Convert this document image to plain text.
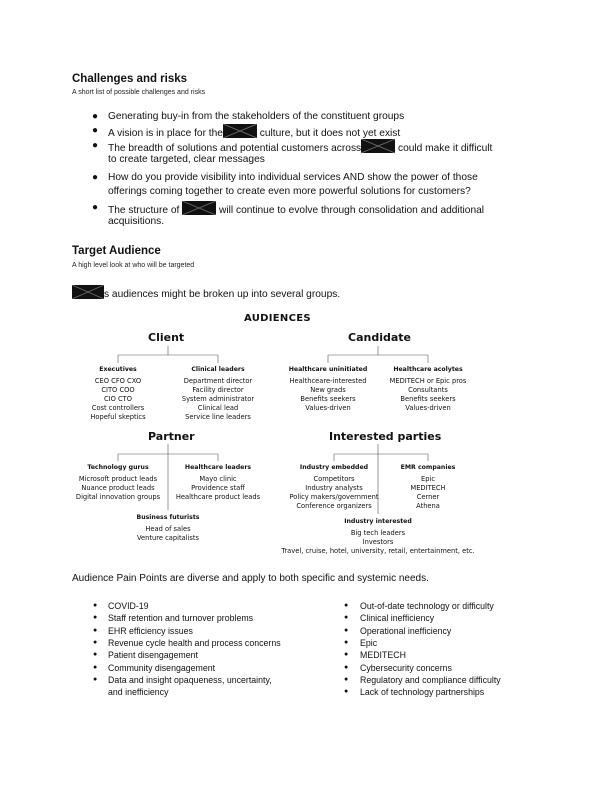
Challenges and risks
A short list of possible challenges and risks
● Generating buy-in from the stakeholders of the constituent groups
● A vision is in place for the	culture, but it does not yet exist
● The breadth of solutions and potential customers across	could make it difficult
to create targeted, clear messages
● How do you provide visibility into individual services AND show the power of those
offerings coming together to create even more powerful solutions for customers?
● The structure of	will continue to evolve through consolidation and additional
acquisitions.
Target Audience
A high level look at who will be targeted
s audiences might be broken up into several groups.
AUDIENCES
Client	Candidate
Executives
CEO CFO CXO
CITO COO
CIO CTO
Cost controllers
Hopeful skeptics
Clinical leaders
Department director
Facility director
System administrator
Clinical lead
Service line leaders
Healthcare uninitiated
Healthceare-interested
New grads
Benefits seekers
Values-driven
Healthcare acolytes
MEDITECH or Epic pros
Consultants
Benefits seekers
Values-driven
Partner	Interested parties
Technology gurus
Microsoft product leads
Nuance product leads
Digital innovation groups
Healthcare leaders
Mayo clinic
Providence staff
Healthcare product leads
Business futurists
Head of sales
Venture capitalists
Industry embedded
Competitors
Industry analysts
Policy makers/government
Conference organizers
EMR companies
Epic
MEDITECH
Cerner
Athena
Industry interested
Big tech leaders
Investors
Travel, cruise, hotel, university, retail, entertainment, etc.
Audience Pain Points are diverse and apply to both specific and systemic needs.
● COVID-19
● Staff retention and turnover problems
● EHR efficiency issues
● Revenue cycle health and process concerns
● Patient disengagement
● Community disengagement
● Data and insight opaqueness, uncertainty,
and inefficiency
● Out-of-date technology or difficulty
● Clinical inefficiency
● Operational inefficiency
● Epic
● MEDITECH
● Cybersecurity concerns
● Regulatory and compliance difficulty
● Lack of technology partnerships
